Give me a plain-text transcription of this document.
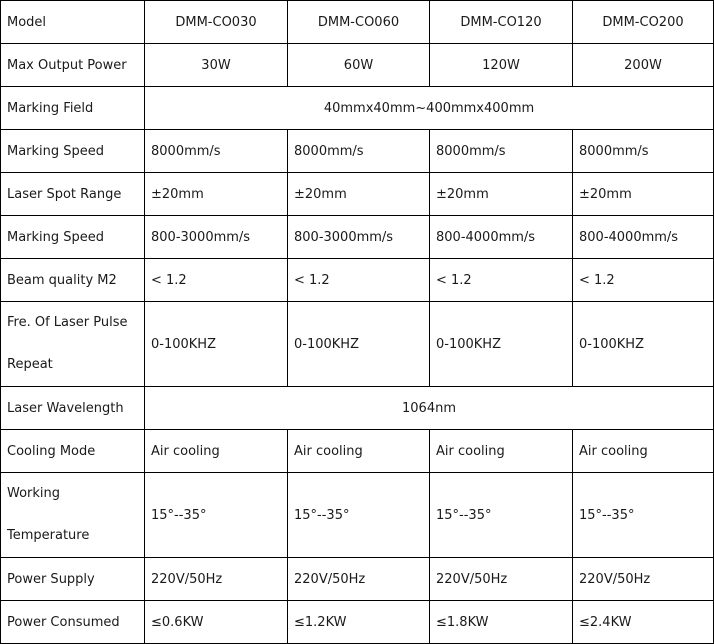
Model	DMM-CO030	DMM-CO060	DMM-CO120	DMM-CO200
Max Output Power	30W	60W	120W	200W
Marking Field	40mmx40mm~400mmx400mm			
Marking Speed	8000mm/s	8000mm/s	8000mm/s	8000mm/s
Laser Spot Range	±20mm	±20mm	±20mm	±20mm
Marking Speed	800-3000mm/s	800-3000mm/s	800-4000mm/s	800-4000mm/s
Beam quality M2	< 1.2	< 1.2	< 1.2	< 1.2
Fre. Of Laser Pulse Repeat	0-100KHZ	0-100KHZ	0-100KHZ	0-100KHZ
Laser Wavelength	1064nm			
Cooling Mode	Air cooling	Air cooling	Air cooling	Air cooling
Working Temperature	15°--35°	15°--35°	15°--35°	15°--35°
Power Supply	220V/50Hz	220V/50Hz	220V/50Hz	220V/50Hz
Power Consumed	≤0.6KW	≤1.2KW	≤1.8KW	≤2.4KW
